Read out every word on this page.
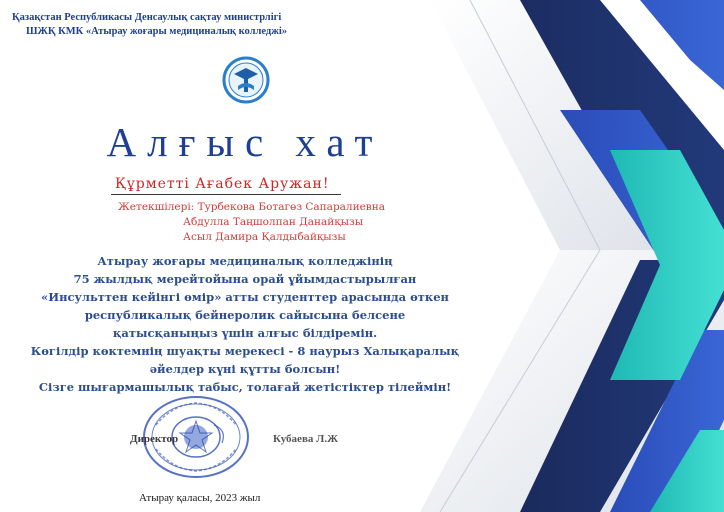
Қазақстан Республикасы Денсаулық сақтау министрлігі
ШЖҚ КМК «Атырау жоғары медициналық колледжі»
Алғыс хат
Құрметті Ағабек Аружан!
Жетекшілері: Турбекова Ботагөз Сапаралиевна
Абдулла Таңшолпан Данайқызы
Асыл Дамира Қалдыбайқызы
Атырау жоғары медициналық колледжінің
75 жылдық мерейтойына орай ұйымдастырылған
«Инсульттен кейінгі өмір» атты студенттер арасында өткен
республикалық бейнеролик сайысына белсене
қатысқаныңыз үшін алғыс білдіремін.
Көгілдір көктемнің шуақты мерекесі - 8 наурыз Халықаралық
әйелдер күні құтты болсын!
Сізге шығармашылық табыс, толағай жетістіктер тілеймін!
Директор	Кубаева Л.Ж
Атырау қаласы, 2023 жыл
